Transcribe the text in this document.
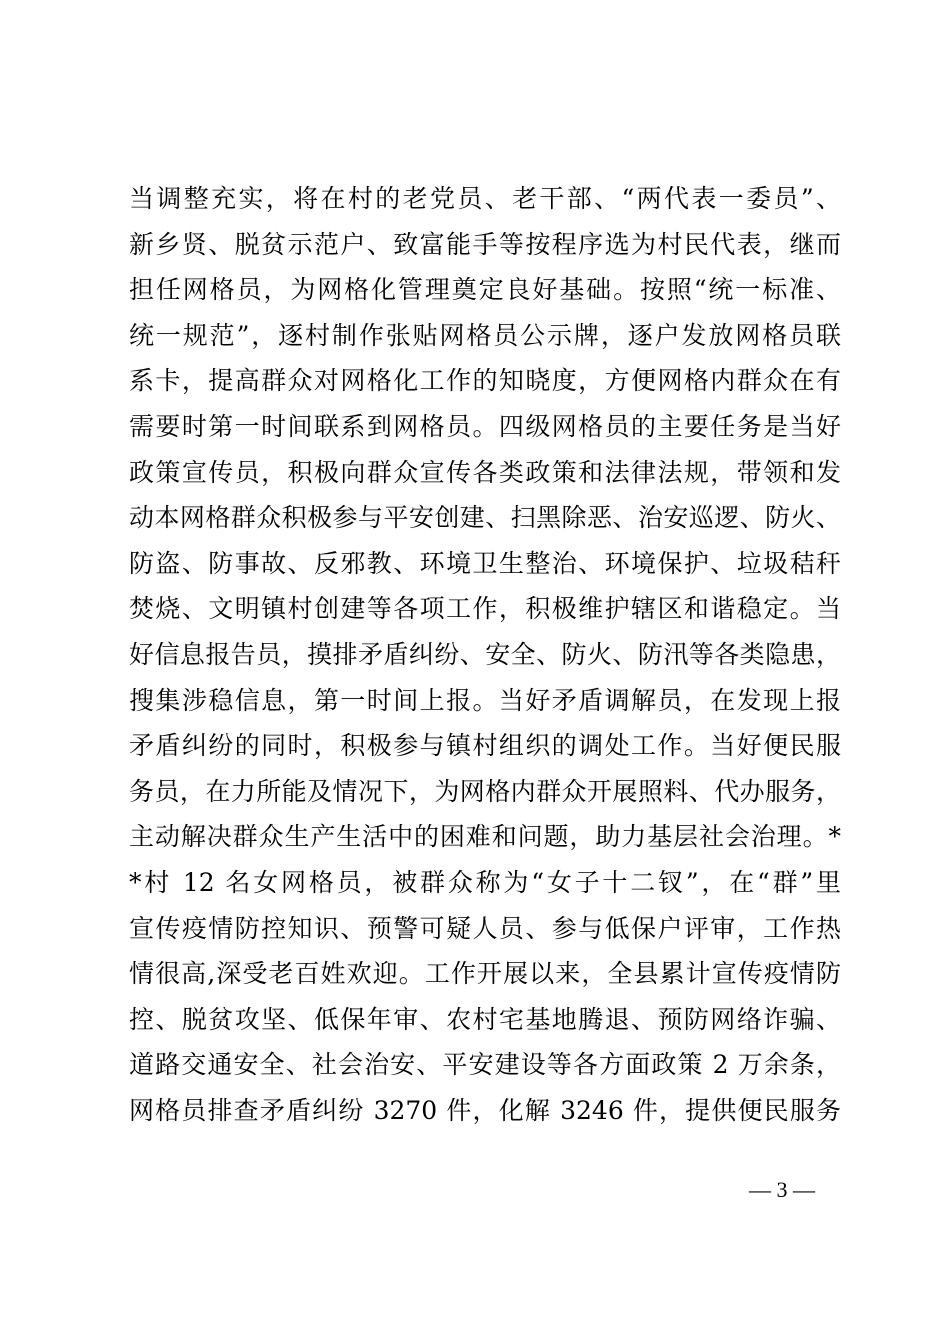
当调整充实，将在村的老党员、老干部、“两代表一委员”、
新乡贤、脱贫示范户、致富能手等按程序选为村民代表，继而
担任网格员，为网格化管理奠定良好基础。按照“统一标准、
统一规范”，逐村制作张贴网格员公示牌，逐户发放网格员联
系卡，提高群众对网格化工作的知晓度，方便网格内群众在有
需要时第一时间联系到网格员。四级网格员的主要任务是当好
政策宣传员，积极向群众宣传各类政策和法律法规，带领和发
动本网格群众积极参与平安创建、扫黑除恶、治安巡逻、防火、
防盗、防事故、反邪教、环境卫生整治、环境保护、垃圾秸秆
焚烧、文明镇村创建等各项工作，积极维护辖区和谐稳定。当
好信息报告员，摸排矛盾纠纷、安全、防火、防汛等各类隐患，
搜集涉稳信息，第一时间上报。当好矛盾调解员，在发现上报
矛盾纠纷的同时，积极参与镇村组织的调处工作。当好便民服
务员，在力所能及情况下，为网格内群众开展照料、代办服务，
主动解决群众生产生活中的困难和问题，助力基层社会治理。*
*村 12 名女网格员，被群众称为“女子十二钗”，在“群”里
宣传疫情防控知识、预警可疑人员、参与低保户评审，工作热
情很高,深受老百姓欢迎。工作开展以来，全县累计宣传疫情防
控、脱贫攻坚、低保年审、农村宅基地腾退、预防网络诈骗、
道路交通安全、社会治安、平安建设等各方面政策 2 万余条，
网格员排查矛盾纠纷 3270 件，化解 3246 件，提供便民服务
— 3 —
